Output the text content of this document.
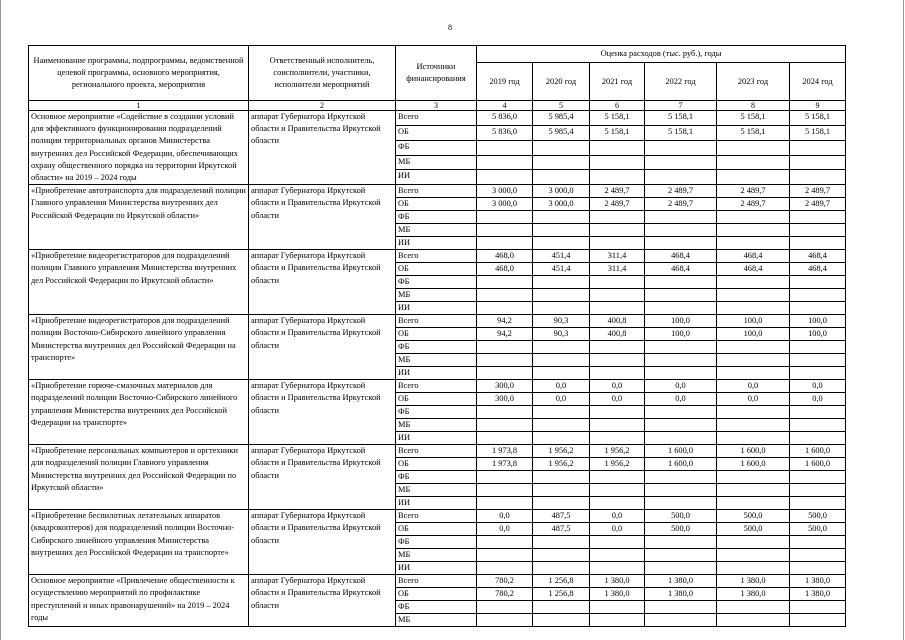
8
Наименование программы, подпрограммы, ведомственной целевой программы, основного мероприятия, регионального проекта, мероприятия	Ответственный исполнитель, соисполнители, участники, исполнители мероприятий	Источники финансирования	Оценка расходов (тыс. руб.), годы					
			2019 год	2020 год	2021 год	2022 год	2023 год	2024 год
1	2	3	4	5	6	7	8	9
Основное мероприятие «Содействие в создании условий для эффективного функционирования подразделений полиции территориальных органов Министерства внутренних дел Российской Федерации, обеспечивающих охрану общественного порядка на территории Иркутской области» на 2019 – 2024 годы	аппарат Губернатора Иркутской области и Правительства Иркутской области	Всего	5 836,0	5 985,4	5 158,1	5 158,1	5 158,1	5 158,1
		ОБ	5 836,0	5 985,4	5 158,1	5 158,1	5 158,1	5 158,1
		ФБ						
		МБ						
		ИИ						
«Приобретение автотранспорта для подразделений полиции Главного управления Министерства внутренних дел Российской Федерации по Иркутской области»	аппарат Губернатора Иркутской области и Правительства Иркутской области	Всего	3 000,0	3 000,0	2 489,7	2 489,7	2 489,7	2 489,7
		ОБ	3 000,0	3 000,0	2 489,7	2 489,7	2 489,7	2 489,7
		ФБ						
		МБ						
		ИИ						
«Приобретение видеорегистраторов для подразделений полиции Главного управления Министерства внутренних дел Российской Федерации по Иркутской области»	аппарат Губернатора Иркутской области и Правительства Иркутской области	Всего	468,0	451,4	311,4	468,4	468,4	468,4
		ОБ	468,0	451,4	311,4	468,4	468,4	468,4
		ФБ						
		МБ						
		ИИ						
«Приобретение видеорегистраторов для подразделений полиции Восточно-Сибирского линейного управления Министерства внутренних дел Российской Федерации на транспорте»	аппарат Губернатора Иркутской области и Правительства Иркутской области	Всего	94,2	90,3	400,8	100,0	100,0	100,0
		ОБ	94,2	90,3	400,8	100,0	100,0	100,0
		ФБ						
		МБ						
		ИИ						
«Приобретение горюче-смазочных материалов для подразделений полиции Восточно-Сибирского линейного управления Министерства внутренних дел Российской Федерации на транспорте»	аппарат Губернатора Иркутской области и Правительства Иркутской области	Всего	300,0	0,0	0,0	0,0	0,0	0,0
		ОБ	300,0	0,0	0,0	0,0	0,0	0,0
		ФБ						
		МБ						
		ИИ						
«Приобретение персональных компьютеров и оргтехники для подразделений полиции Главного управления Министерства внутренних дел Российской Федерации по Иркутской области»	аппарат Губернатора Иркутской области и Правительства Иркутской области	Всего	1 973,8	1 956,2	1 956,2	1 600,0	1 600,0	1 600,0
		ОБ	1 973,8	1 956,2	1 956,2	1 600,0	1 600,0	1 600,0
		ФБ						
		МБ						
		ИИ						
«Приобретение беспилотных летательных аппаратов (квадрокоптеров) для подразделений полиции Восточно-Сибирского линейного управления Министерства внутренних дел Российской Федерации на транспорте»	аппарат Губернатора Иркутской области и Правительства Иркутской области	Всего	0,0	487,5	0,0	500,0	500,0	500,0
		ОБ	0,0	487,5	0,0	500,0	500,0	500,0
		ФБ						
		МБ						
		ИИ						
Основное мероприятие «Привлечение общественности к осуществлению мероприятий по профилактике преступлений и иных правонарушений» на 2019 – 2024 годы	аппарат Губернатора Иркутской области и Правительства Иркутской области	Всего	780,2	1 256,8	1 380,0	1 380,0	1 380,0	1 380,0
		ОБ	780,2	1 256,8	1 380,0	1 380,0	1 380,0	1 380,0
		ФБ						
		МБ						
